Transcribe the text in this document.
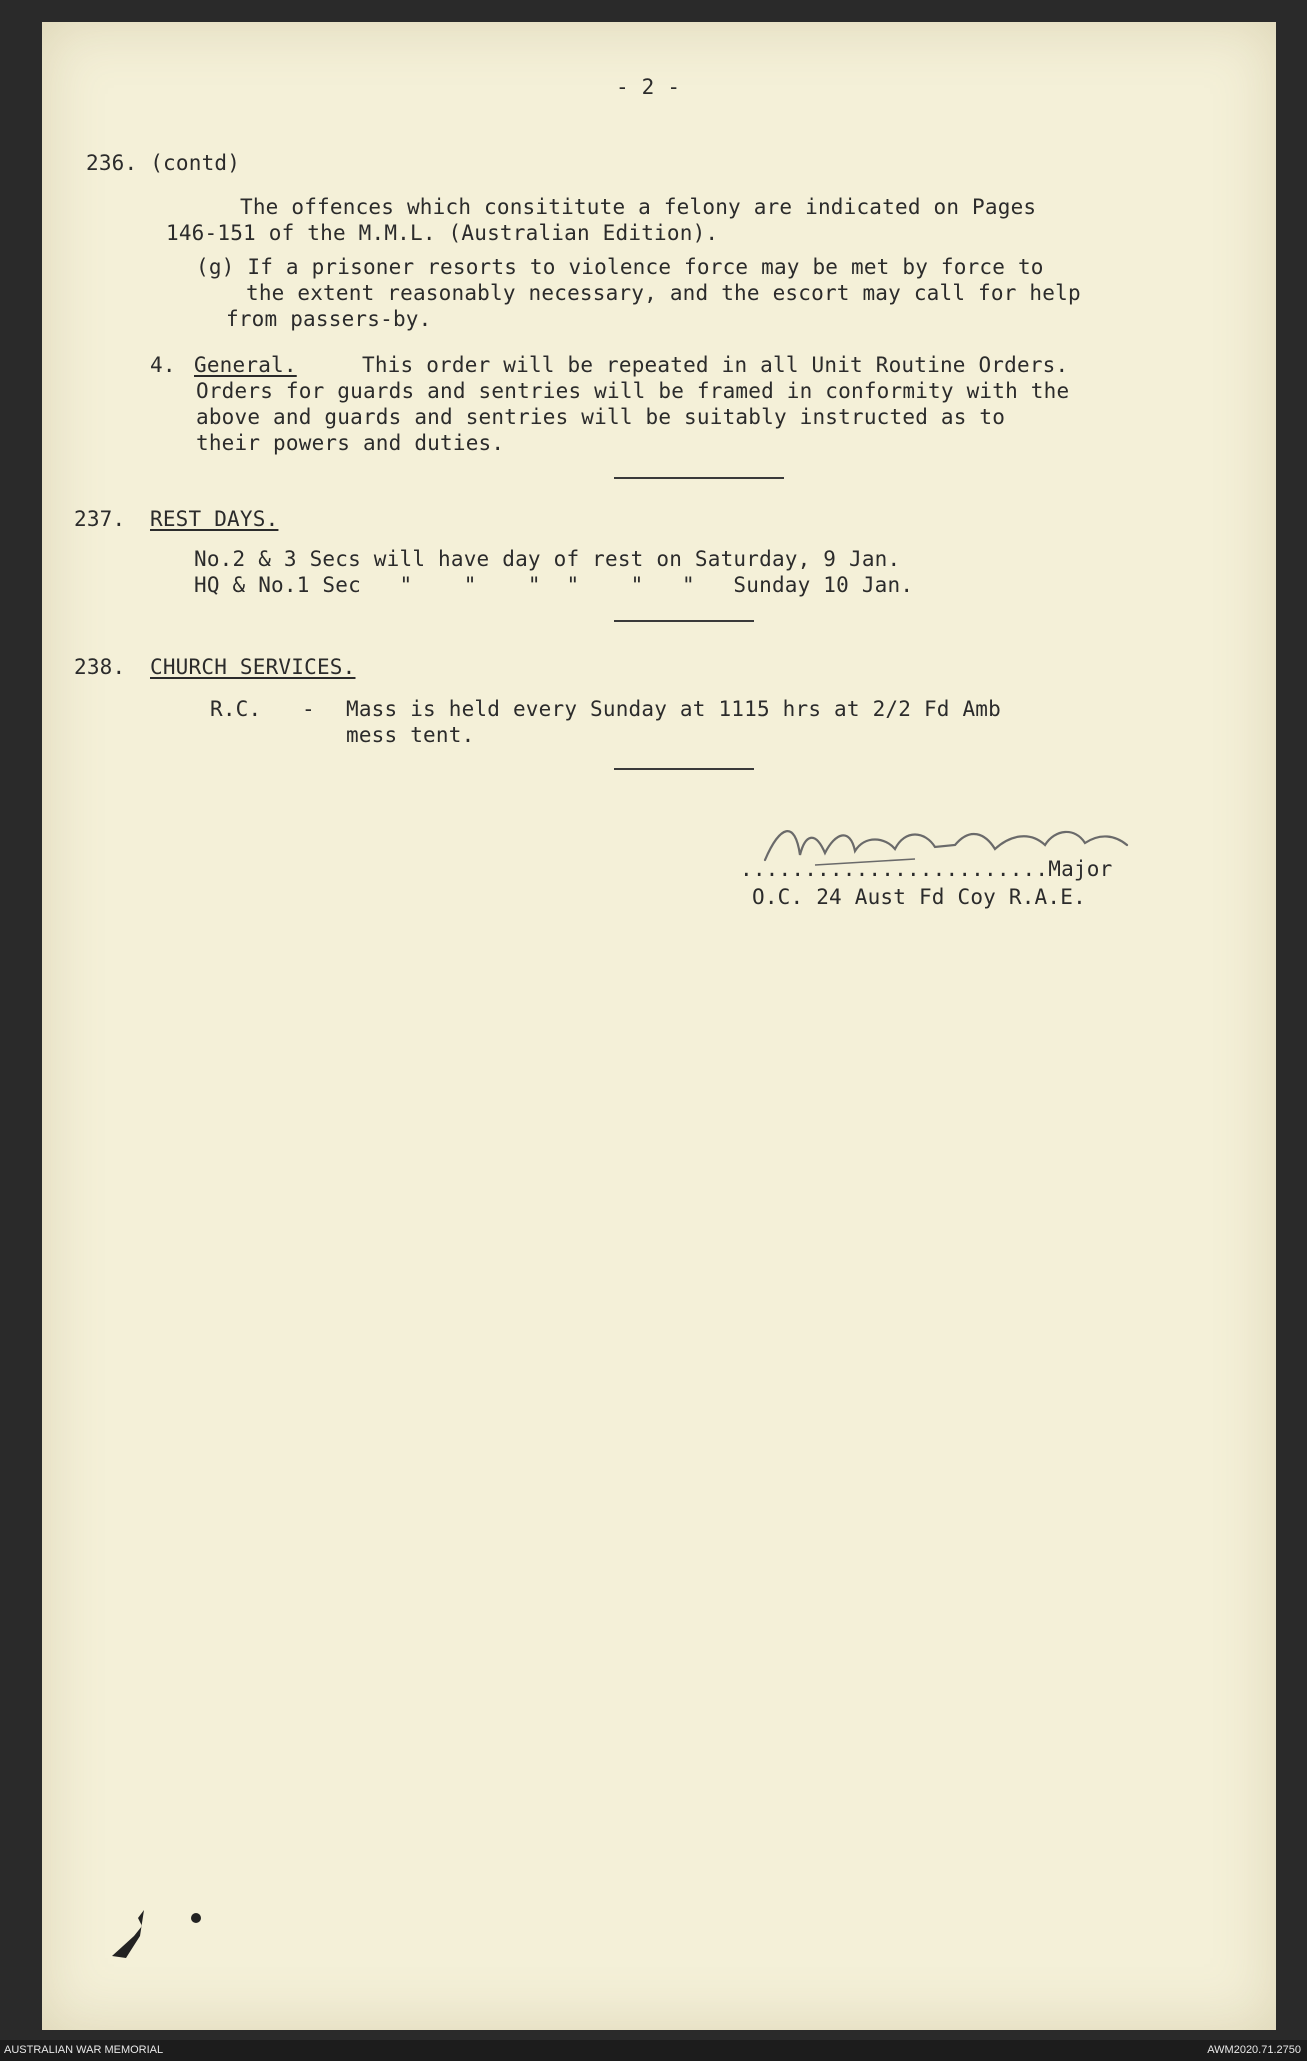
- 2 -
236. (contd)
The offences which consititute a felony are indicated on Pages
146-151 of the M.M.L. (Australian Edition).
(g) If a prisoner resorts to violence force may be met by force to
the extent reasonably necessary, and the escort may call for help
from passers-by.
4. General.	This order will be repeated in all Unit Routine Orders.
Orders for guards and sentries will be framed in conformity with the
above and guards and sentries will be suitably instructed as to
their powers and duties.
237. REST DAYS.
No.2 & 3 Secs will have day of rest on Saturday, 9 Jan.
HQ & No.1 Sec   "    "    "  "    "   "   Sunday 10 Jan.
238. CHURCH SERVICES.
R.C. - Mass is held every Sunday at 1115 hrs at 2/2 Fd Amb
mess tent.
........................Major
O.C. 24 Aust Fd Coy R.A.E.
AUSTRALIAN WAR MEMORIAL	AWM2020.71.2750
